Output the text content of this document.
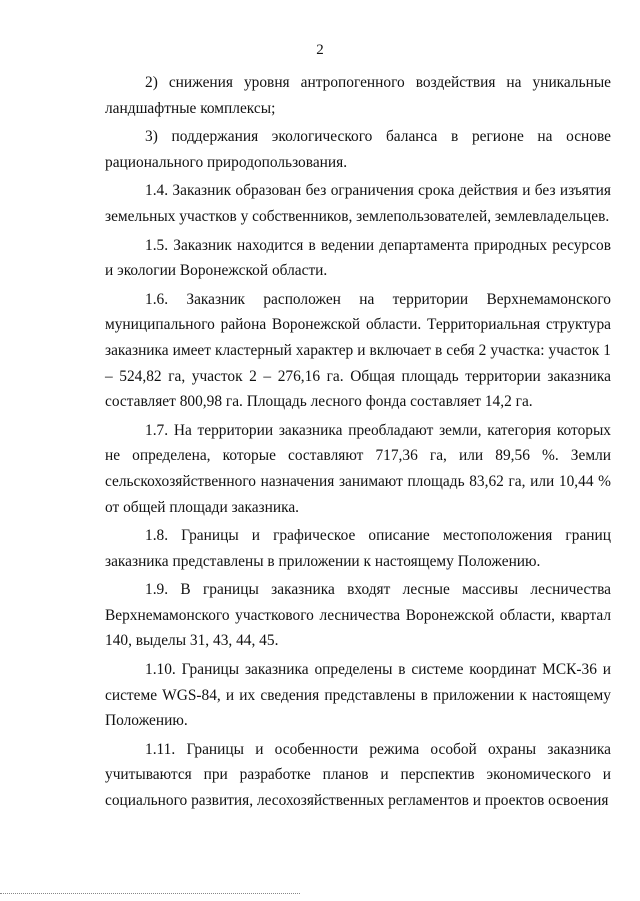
2

2) снижения уровня антропогенного воздействия на уникальные ландшафтные комплексы;

3) поддержания экологического баланса в регионе на основе рационального природопользования.

1.4. Заказник образован без ограничения срока действия и без изъятия земельных участков у собственников, землепользователей, землевладельцев.

1.5. Заказник находится в ведении департамента природных ресурсов и экологии Воронежской области.

1.6. Заказник расположен на территории Верхнемамонского муниципального района Воронежской области. Территориальная структура заказника имеет кластерный характер и включает в себя 2 участка: участок 1 – 524,82 га, участок 2 – 276,16 га. Общая площадь территории заказника составляет 800,98 га. Площадь лесного фонда составляет 14,2 га.

1.7. На территории заказника преобладают земли, категория которых не определена, которые составляют 717,36 га, или 89,56 %. Земли сельскохозяйственного назначения занимают площадь 83,62 га, или 10,44 % от общей площади заказника.

1.8. Границы и графическое описание местоположения границ заказника представлены в приложении к настоящему Положению.

1.9. В границы заказника входят лесные массивы лесничества Верхнемамонского участкового лесничества Воронежской области, квартал 140, выделы 31, 43, 44, 45.

1.10. Границы заказника определены в системе координат МСК-36 и системе WGS-84, и их сведения представлены в приложении к настоящему Положению.

1.11. Границы и особенности режима особой охраны заказника учитываются при разработке планов и перспектив экономического и социального развития, лесохозяйственных регламентов и проектов освоения
